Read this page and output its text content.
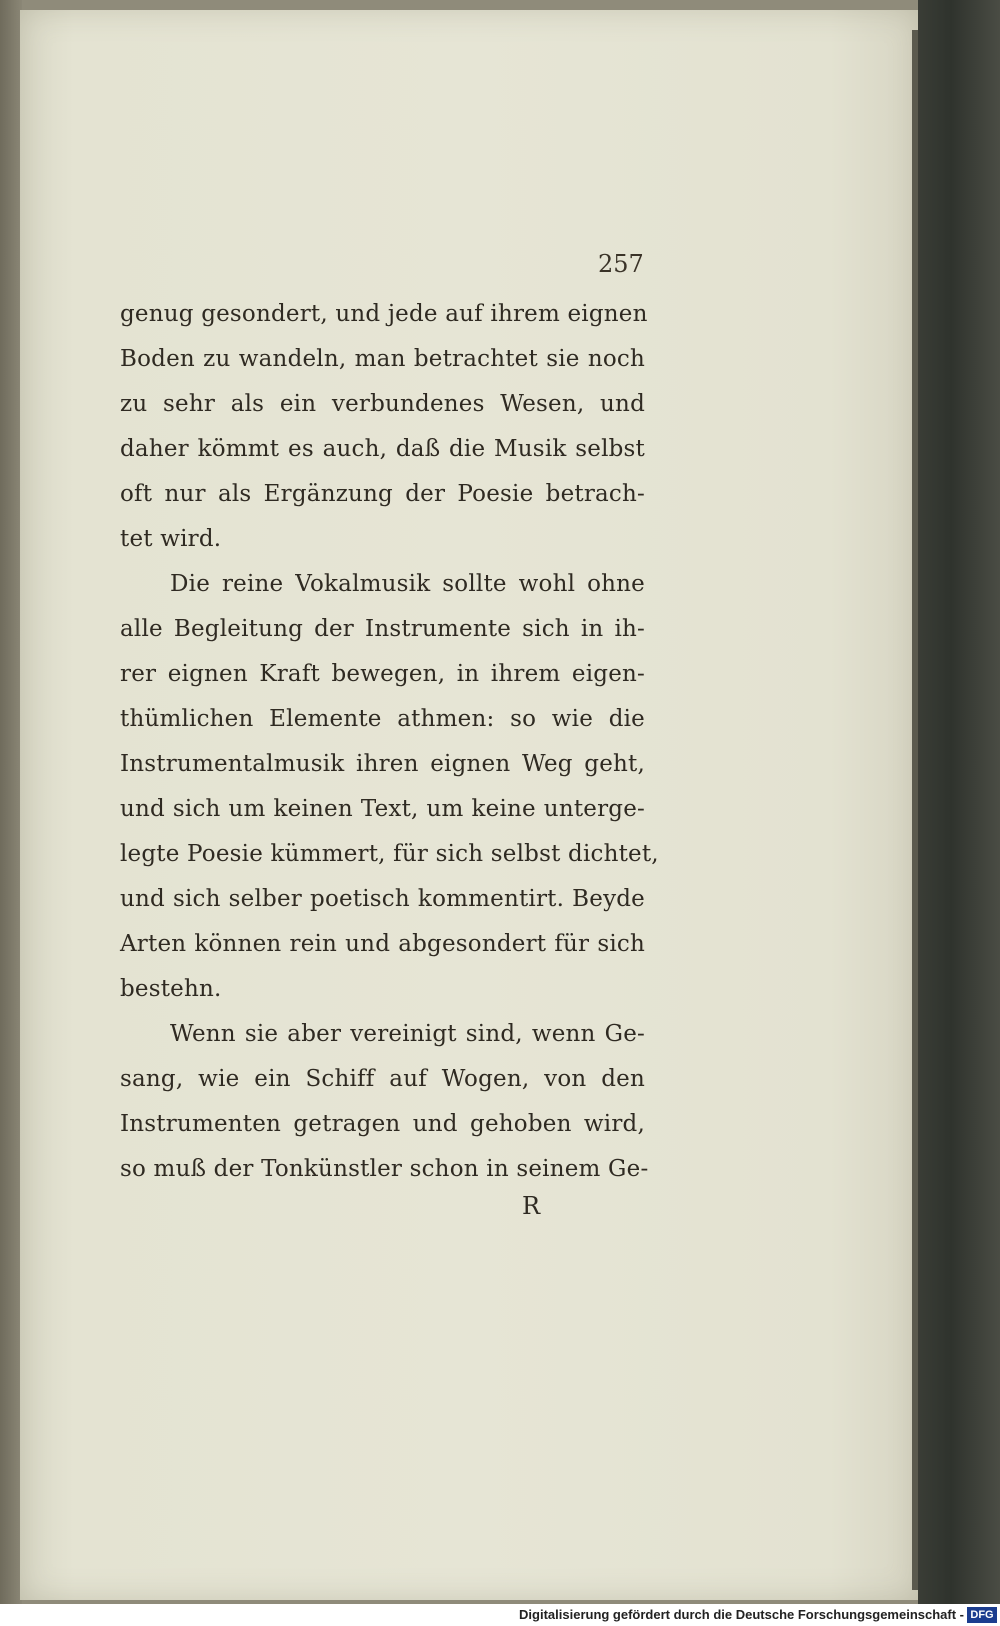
257
genug gesondert, und jede auf ihrem eignen
Boden zu wandeln, man betrachtet sie noch
zu sehr als ein verbundenes Wesen, und
daher kömmt es auch, daß die Musik selbst
oft nur als Ergänzung der Poesie betrach-
tet wird.
Die reine Vokalmusik sollte wohl ohne
alle Begleitung der Instrumente sich in ih-
rer eignen Kraft bewegen, in ihrem eigen-
thümlichen Elemente athmen: so wie die
Instrumentalmusik ihren eignen Weg geht,
und sich um keinen Text, um keine unterge-
legte Poesie kümmert, für sich selbst dichtet,
und sich selber poetisch kommentirt. Beyde
Arten können rein und abgesondert für sich
bestehn.
Wenn sie aber vereinigt sind, wenn Ge-
sang, wie ein Schiff auf Wogen, von den
Instrumenten getragen und gehoben wird,
so muß der Tonkünstler schon in seinem Ge-
R
Digitalisierung gefördert durch die Deutsche Forschungsgemeinschaft - DFG
